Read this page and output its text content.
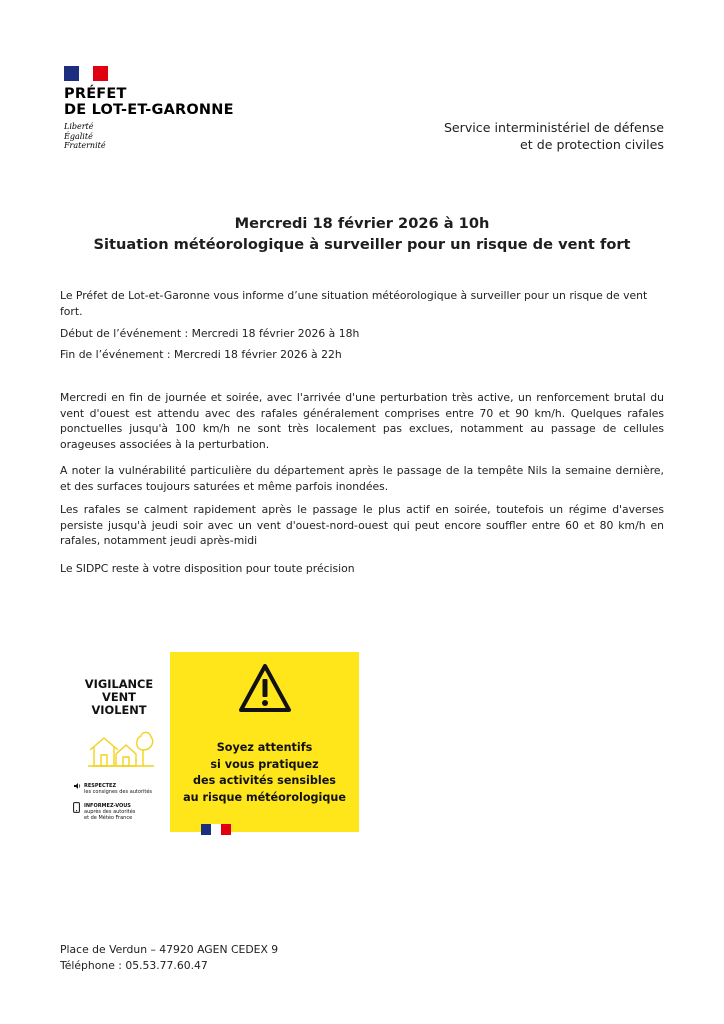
PRÉFET
DE LOT-ET-GARONNE
Liberté
Égalité
Fraternité
Service interministériel de défense
et de protection civiles
Mercredi 18 février 2026 à 10h
Situation météorologique à surveiller pour un risque de vent fort
Le Préfet de Lot-et-Garonne vous informe d’une situation météorologique à surveiller pour un risque de vent fort.
Début de l’événement : Mercredi 18 février 2026 à 18h
Fin de l’événement : Mercredi 18 février 2026 à 22h
Mercredi en fin de journée et soirée, avec l'arrivée d'une perturbation très active, un renforcement brutal du vent d'ouest est attendu avec des rafales généralement comprises entre 70 et 90 km/h. Quelques rafales ponctuelles jusqu'à 100 km/h ne sont très localement pas exclues, notamment au passage de cellules orageuses associées à la perturbation.
A noter la vulnérabilité particulière du département après le passage de la tempête Nils la semaine dernière, et des surfaces toujours saturées et même parfois inondées.
Les rafales se calment rapidement après le passage le plus actif en soirée, toutefois un régime d'averses persiste jusqu'à jeudi soir avec un vent d'ouest-nord-ouest qui peut encore souffler entre 60 et 80 km/h en rafales, notamment jeudi après-midi
Le SIDPC reste à votre disposition pour toute précision
VIGILANCE
VENT
VIOLENT
RESPECTEZ
les consignes des autorités
INFORMEZ-VOUS
auprès des autorités
et de Météo France
Soyez attentifs
si vous pratiquez
des activités sensibles
au risque météorologique
Place de Verdun – 47920 AGEN CEDEX 9
Téléphone : 05.53.77.60.47
